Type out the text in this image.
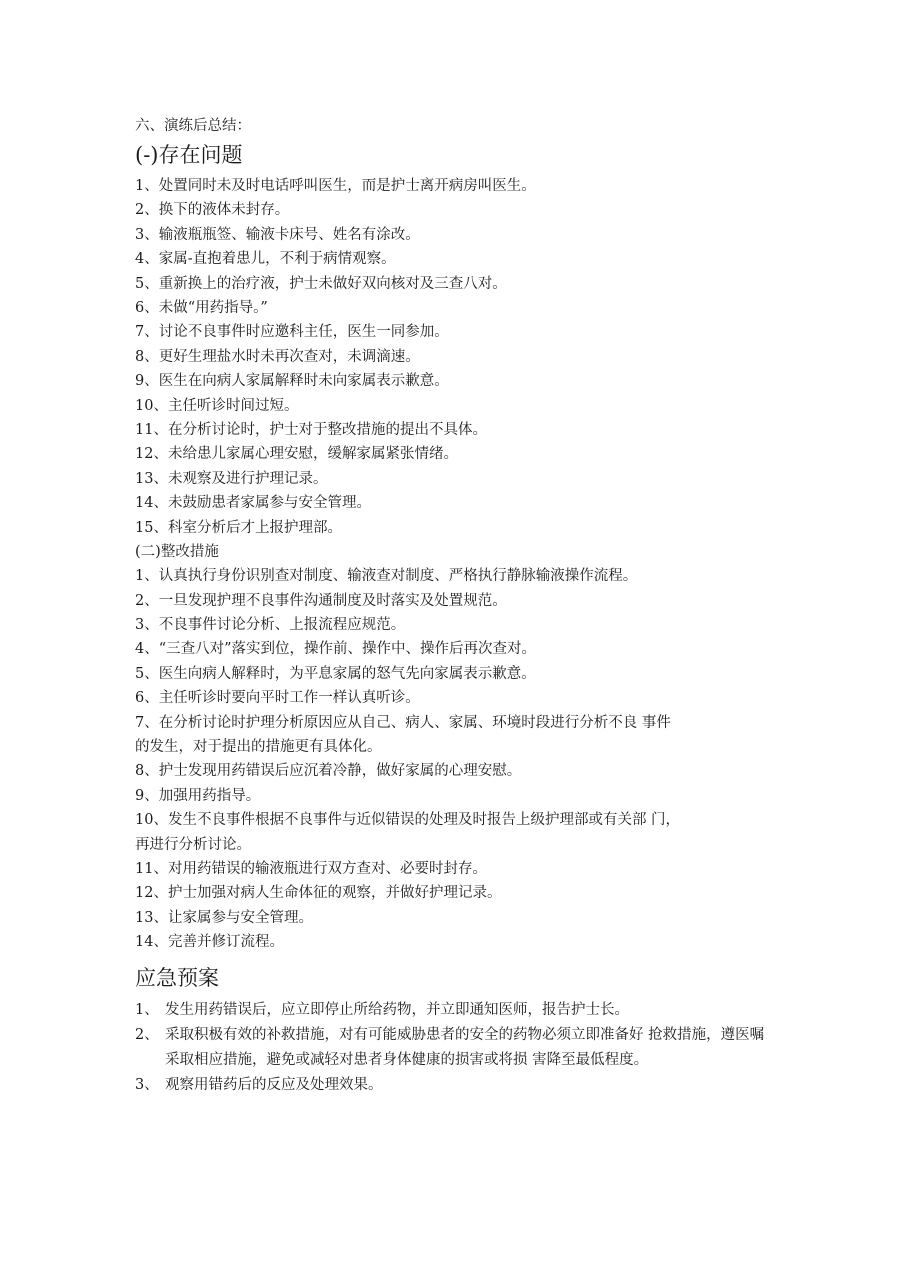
六、演练后总结：
(-)存在问题
1、 处置同时未及时电话呼叫医生，而是护士离开病房叫医生。
2、 换下的液体未封存。
3、 输液瓶瓶签、输液卡床号、姓名有涂改。
4、 家属-直抱着患儿，不利于病情观察。
5、 重新换上的治疗液，护士未做好双向核对及三查八对。
6、 未做“用药指导。”
7、 讨论不良事件时应邀科主任，医生一同参加。
8、 更好生理盐水时未再次查对，未调滴速。
9、 医生在向病人家属解释时未向家属表示歉意。
10、 主任听诊时间过短。
11、 在分析讨论时，护士对于整改措施的提出不具体。
12、 未给患儿家属心理安慰，缓解家属紧张情绪。
13、 未观察及进行护理记录。
14、 未鼓励患者家属参与安全管理。
15、 科室分析后才上报护理部。
(二)整改措施
1、 认真执行身份识别查对制度、输液查对制度、严格执行静脉输液操作流程。
2、 一旦发现护理不良事件沟通制度及时落实及处置规范。
3、 不良事件讨论分析、上报流程应规范。
4、 “三查八对”落实到位，操作前、操作中、操作后再次查对。
5、 医生向病人解释时，为平息家属的怒气先向家属表示歉意。
6、 主任听诊时要向平时工作一样认真听诊。
7、 在分析讨论时护理分析原因应从自己、病人、家属、环境时段进行分析不良 事件
的发生，对于提出的措施更有具体化。
8、 护士发现用药错误后应沉着冷静，做好家属的心理安慰。
9、 加强用药指导。
10、 发生不良事件根据不良事件与近似错误的处理及时报告上级护理部或有关部 门，
再进行分析讨论。
11、 对用药错误的输液瓶进行双方查对、必要时封存。
12、 护士加强对病人生命体征的观察，并做好护理记录。
13、 让家属参与安全管理。
14、 完善并修订流程。
应急预案
1、 发生用药错误后，应立即停止所给药物，并立即通知医师，报告护士长。
2、 采取积极有效的补救措施，对有可能威胁患者的安全的药物必须立即准备好 抢救措施，遵医嘱采取相应措施，避免或减轻对患者身体健康的损害或将损 害降至最低程度。
3、 观察用错药后的反应及处理效果。
